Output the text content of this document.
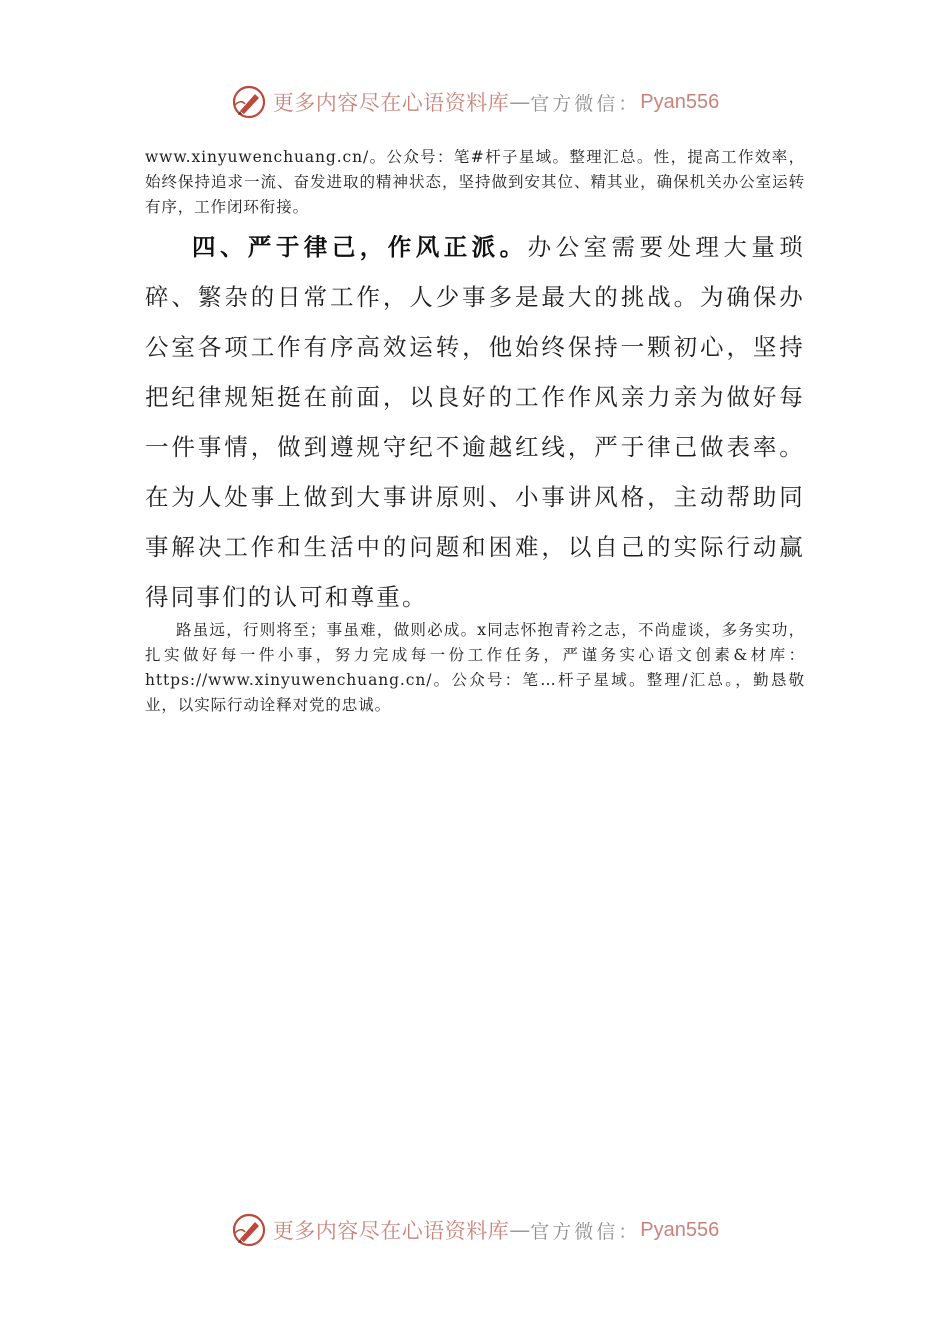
更多内容尽在心语资料库 — 官方微信： Pyan556

www.xinyuwenchuang.cn/。公众号：笔#杆子星域。整理汇总。性，提高工作效率，始终保持追求一流、奋发进取的精神状态，坚持做到安其位、精其业，确保机关办公室运转有序，工作闭环衔接。

四、严于律己，作风正派。办公室需要处理大量琐碎、繁杂的日常工作，人少事多是最大的挑战。为确保办公室各项工作有序高效运转，他始终保持一颗初心，坚持把纪律规矩挺在前面，以良好的工作作风亲力亲为做好每一件事情，做到遵规守纪不逾越红线，严于律己做表率。在为人处事上做到大事讲原则、小事讲风格，主动帮助同事解决工作和生活中的问题和困难，以自己的实际行动赢得同事们的认可和尊重。

路虽远，行则将至；事虽难，做则必成。x同志怀抱青衿之志，不尚虚谈，多务实功，扎实做好每一件小事，努力完成每一份工作任务，严谨务实心语文创素&材库：https://www.xinyuwenchuang.cn/。公众号：笔…杆子星域。整理/汇总。，勤恳敬业，以实际行动诠释对党的忠诚。

更多内容尽在心语资料库 — 官方微信： Pyan556
